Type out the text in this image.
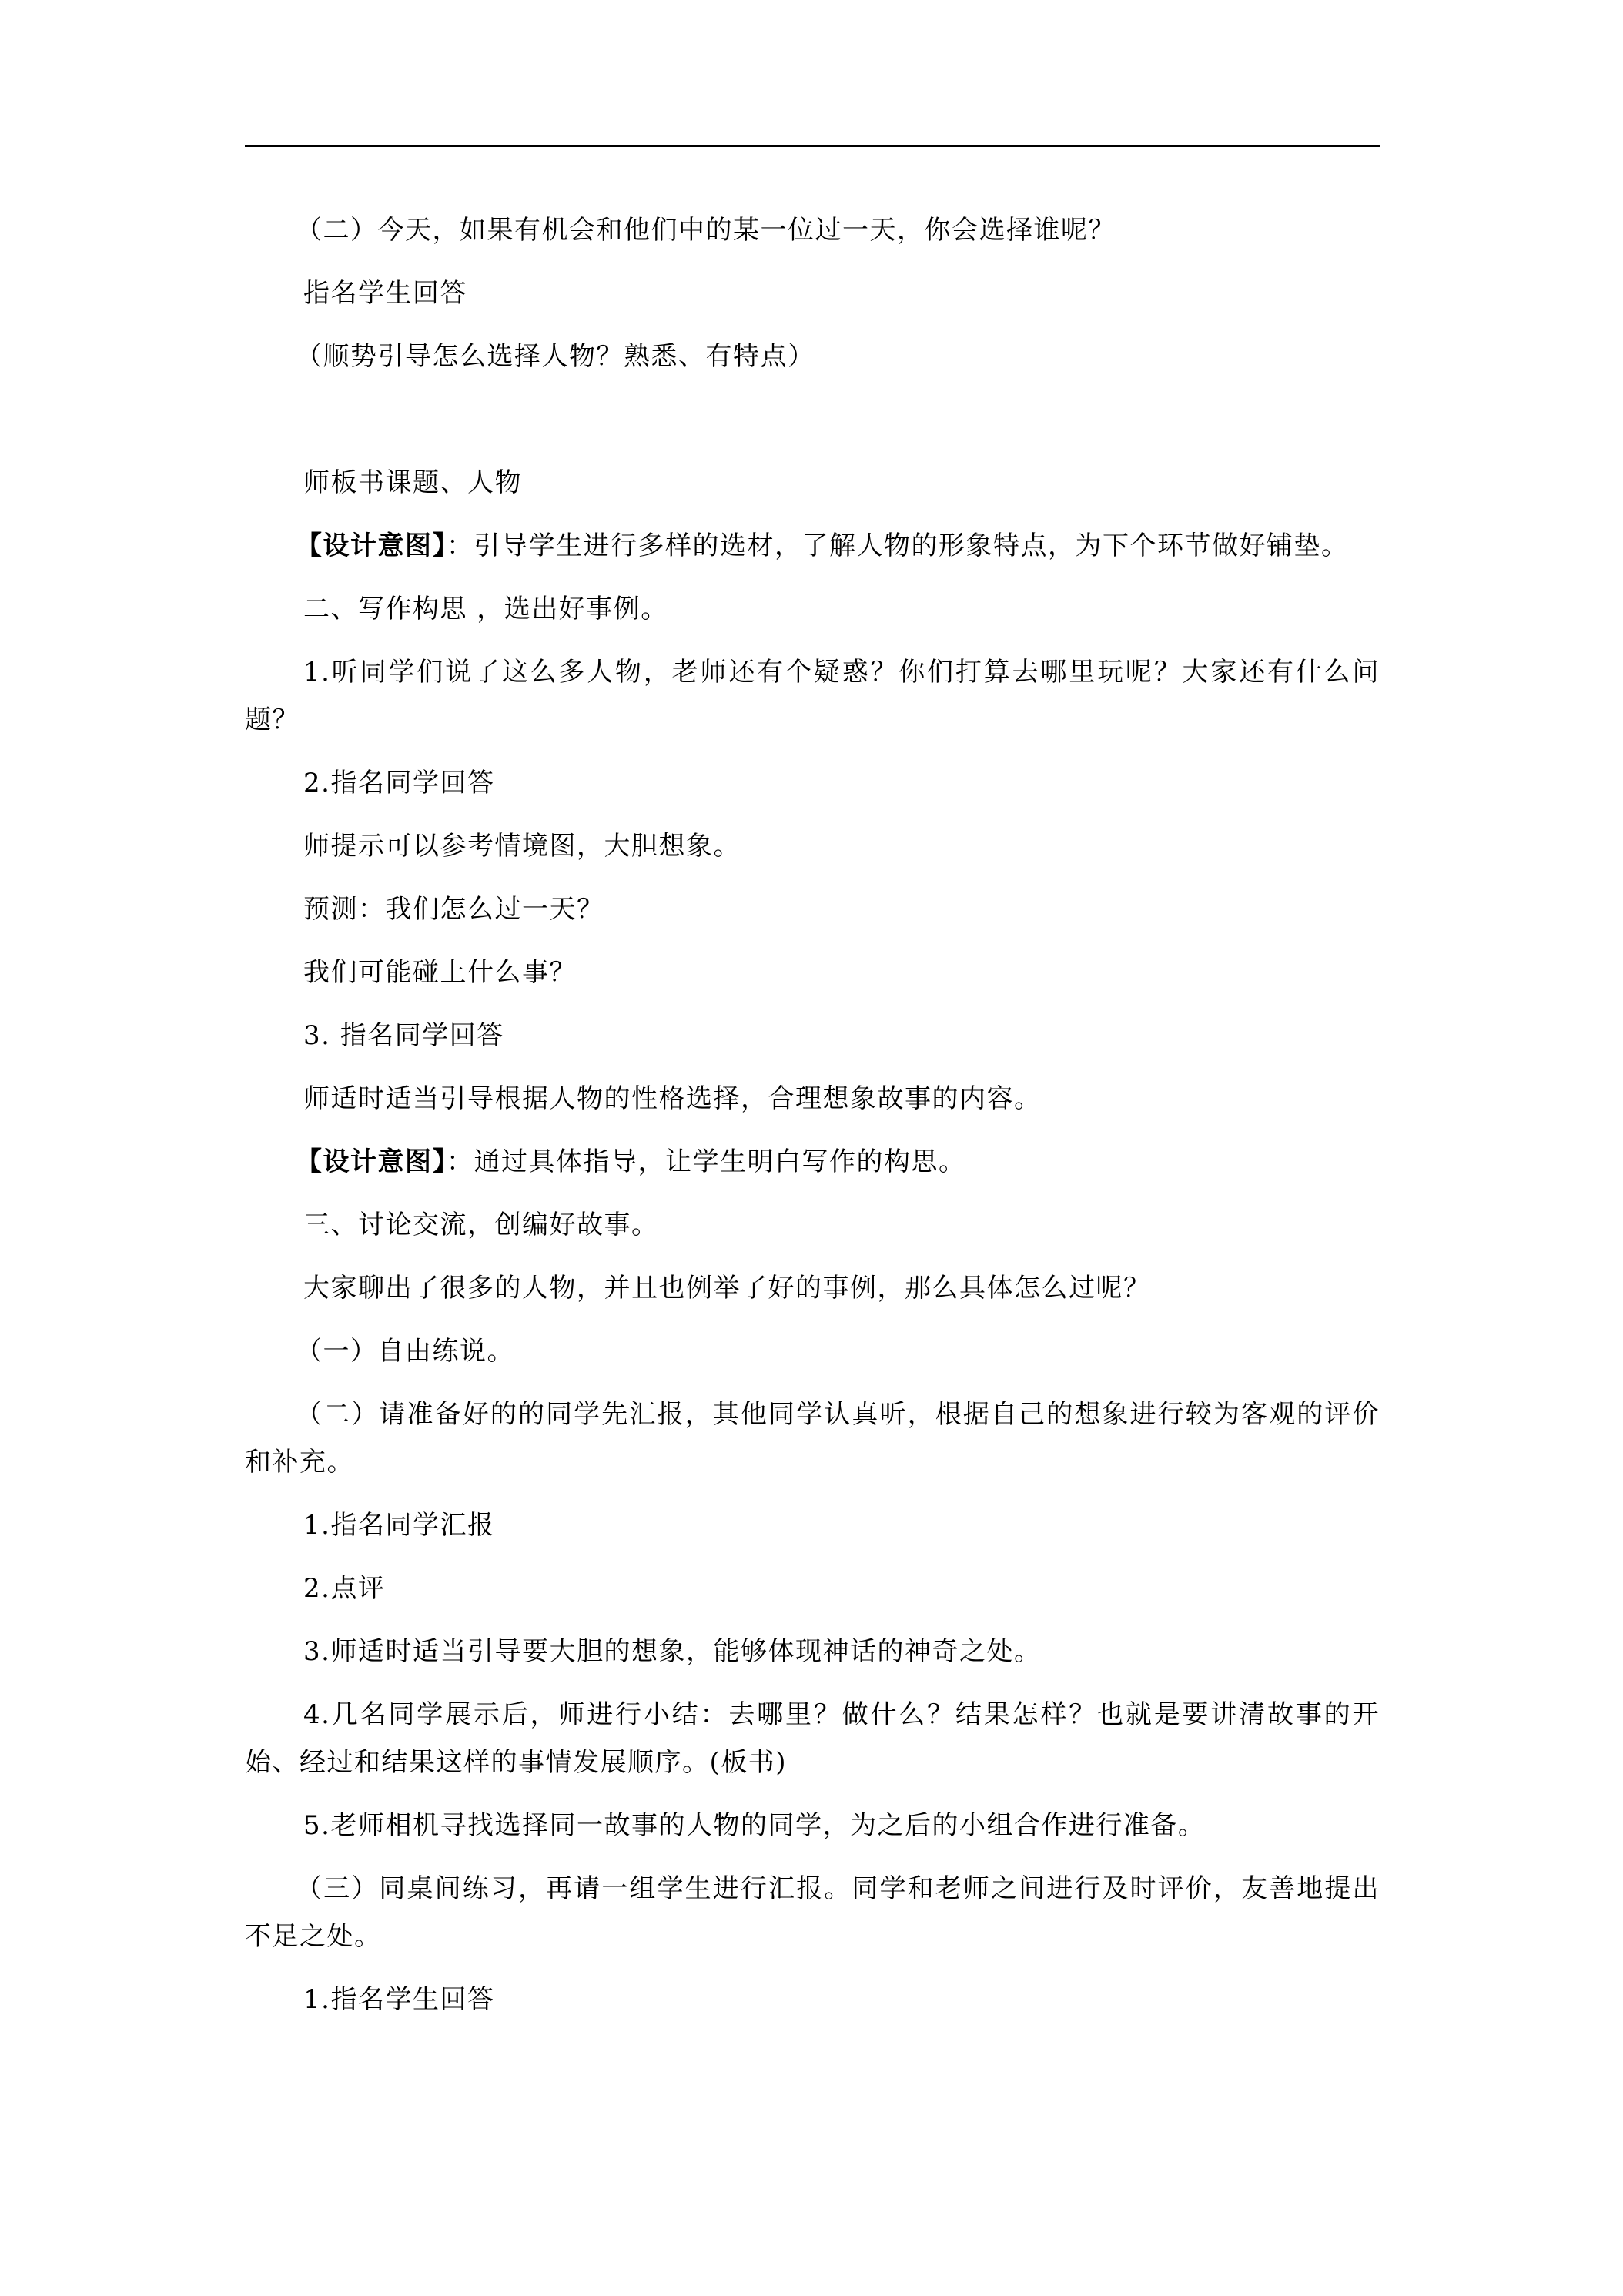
（二）今天，如果有机会和他们中的某一位过一天，你会选择谁呢？

指名学生回答

（顺势引导怎么选择人物？熟悉、有特点）

师板书课题、人物

【设计意图】：引导学生进行多样的选材，了解人物的形象特点，为下个环节做好铺垫。

二、写作构思 ，选出好事例。

1.听同学们说了这么多人物，老师还有个疑惑？你们打算去哪里玩呢？大家还有什么问题？

2.指名同学回答

师提示可以参考情境图，大胆想象。

预测：我们怎么过一天？

我们可能碰上什么事？

3. 指名同学回答

师适时适当引导根据人物的性格选择，合理想象故事的内容。

【设计意图】：通过具体指导，让学生明白写作的构思。

三、讨论交流，创编好故事。

大家聊出了很多的人物，并且也例举了好的事例，那么具体怎么过呢？

（一）自由练说。

（二）请准备好的的同学先汇报，其他同学认真听，根据自己的想象进行较为客观的评价和补充。

1.指名同学汇报

2.点评

3.师适时适当引导要大胆的想象，能够体现神话的神奇之处。

4.几名同学展示后，师进行小结：去哪里？做什么？结果怎样？也就是要讲清故事的开始、经过和结果这样的事情发展顺序。(板书)

5.老师相机寻找选择同一故事的人物的同学，为之后的小组合作进行准备。

（三）同桌间练习，再请一组学生进行汇报。同学和老师之间进行及时评价，友善地提出不足之处。

1.指名学生回答
